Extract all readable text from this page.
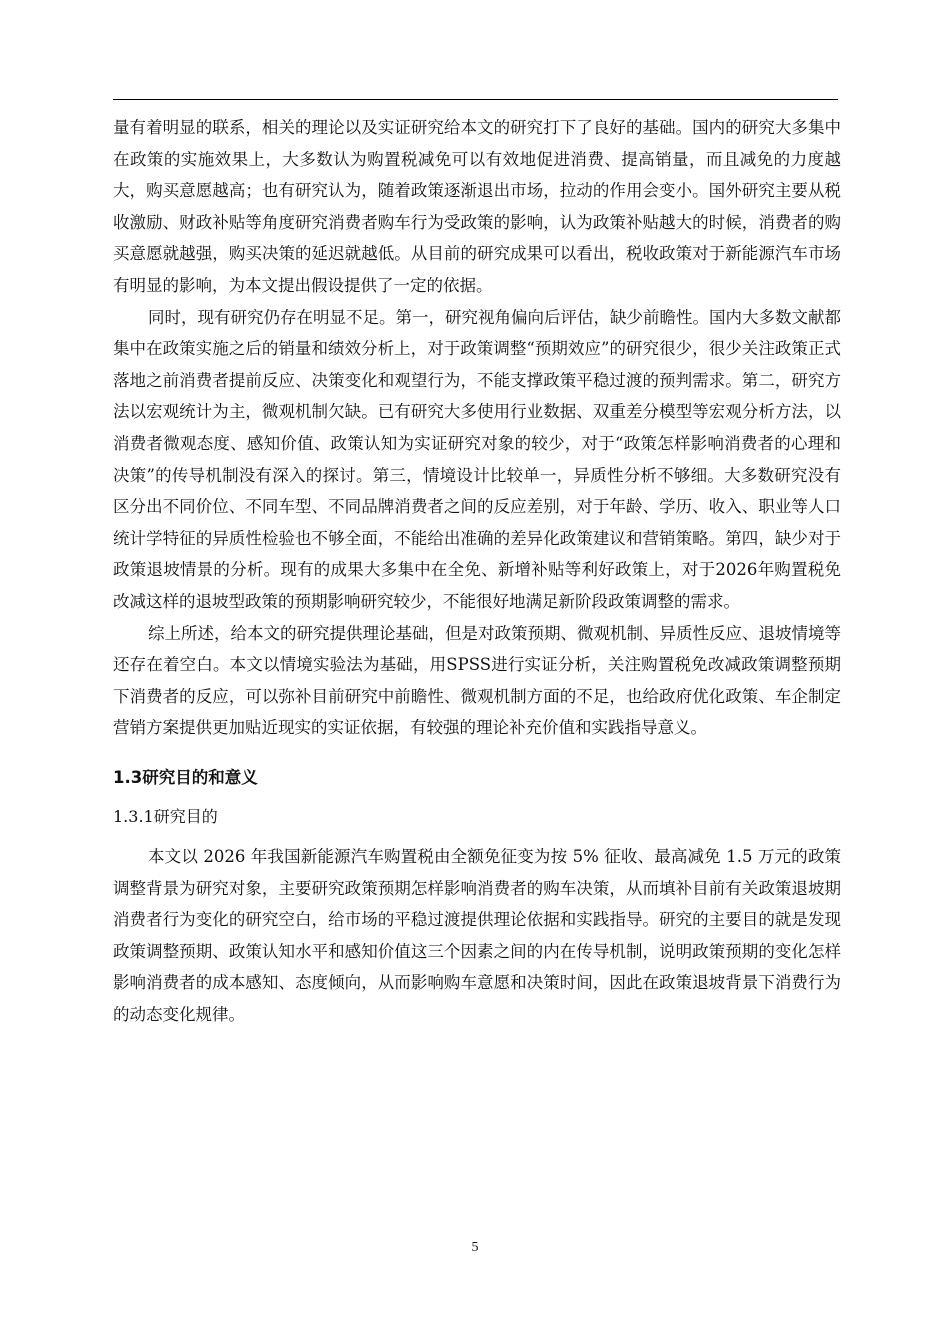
量有着明显的联系，相关的理论以及实证研究给本文的研究打下了良好的基础。国内的研究大多集中在政策的实施效果上，大多数认为购置税减免可以有效地促进消费、提高销量，而且减免的力度越大，购买意愿越高；也有研究认为，随着政策逐渐退出市场，拉动的作用会变小。国外研究主要从税收激励、财政补贴等角度研究消费者购车行为受政策的影响，认为政策补贴越大的时候，消费者的购买意愿就越强，购买决策的延迟就越低。从目前的研究成果可以看出，税收政策对于新能源汽车市场有明显的影响，为本文提出假设提供了一定的依据。

同时，现有研究仍存在明显不足。第一，研究视角偏向后评估，缺少前瞻性。国内大多数文献都集中在政策实施之后的销量和绩效分析上，对于政策调整“预期效应”的研究很少，很少关注政策正式落地之前消费者提前反应、决策变化和观望行为，不能支撑政策平稳过渡的预判需求。第二，研究方法以宏观统计为主，微观机制欠缺。已有研究大多使用行业数据、双重差分模型等宏观分析方法，以消费者微观态度、感知价值、政策认知为实证研究对象的较少，对于“政策怎样影响消费者的心理和决策”的传导机制没有深入的探讨。第三，情境设计比较单一，异质性分析不够细。大多数研究没有区分出不同价位、不同车型、不同品牌消费者之间的反应差别，对于年龄、学历、收入、职业等人口统计学特征的异质性检验也不够全面，不能给出准确的差异化政策建议和营销策略。第四，缺少对于政策退坡情景的分析。现有的成果大多集中在全免、新增补贴等利好政策上，对于2026年购置税免改减这样的退坡型政策的预期影响研究较少，不能很好地满足新阶段政策调整的需求。

综上所述，给本文的研究提供理论基础，但是对政策预期、微观机制、异质性反应、退坡情境等还存在着空白。本文以情境实验法为基础，用SPSS进行实证分析，关注购置税免改减政策调整预期下消费者的反应，可以弥补目前研究中前瞻性、微观机制方面的不足，也给政府优化政策、车企制定营销方案提供更加贴近现实的实证依据，有较强的理论补充价值和实践指导意义。

1.3研究目的和意义
1.3.1研究目的

本文以 2026 年我国新能源汽车购置税由全额免征变为按 5% 征收、最高减免 1.5 万元的政策调整背景为研究对象，主要研究政策预期怎样影响消费者的购车决策，从而填补目前有关政策退坡期消费者行为变化的研究空白，给市场的平稳过渡提供理论依据和实践指导。研究的主要目的就是发现政策调整预期、政策认知水平和感知价值这三个因素之间的内在传导机制，说明政策预期的变化怎样影响消费者的成本感知、态度倾向，从而影响购车意愿和决策时间，因此在政策退坡背景下消费行为的动态变化规律。

5
